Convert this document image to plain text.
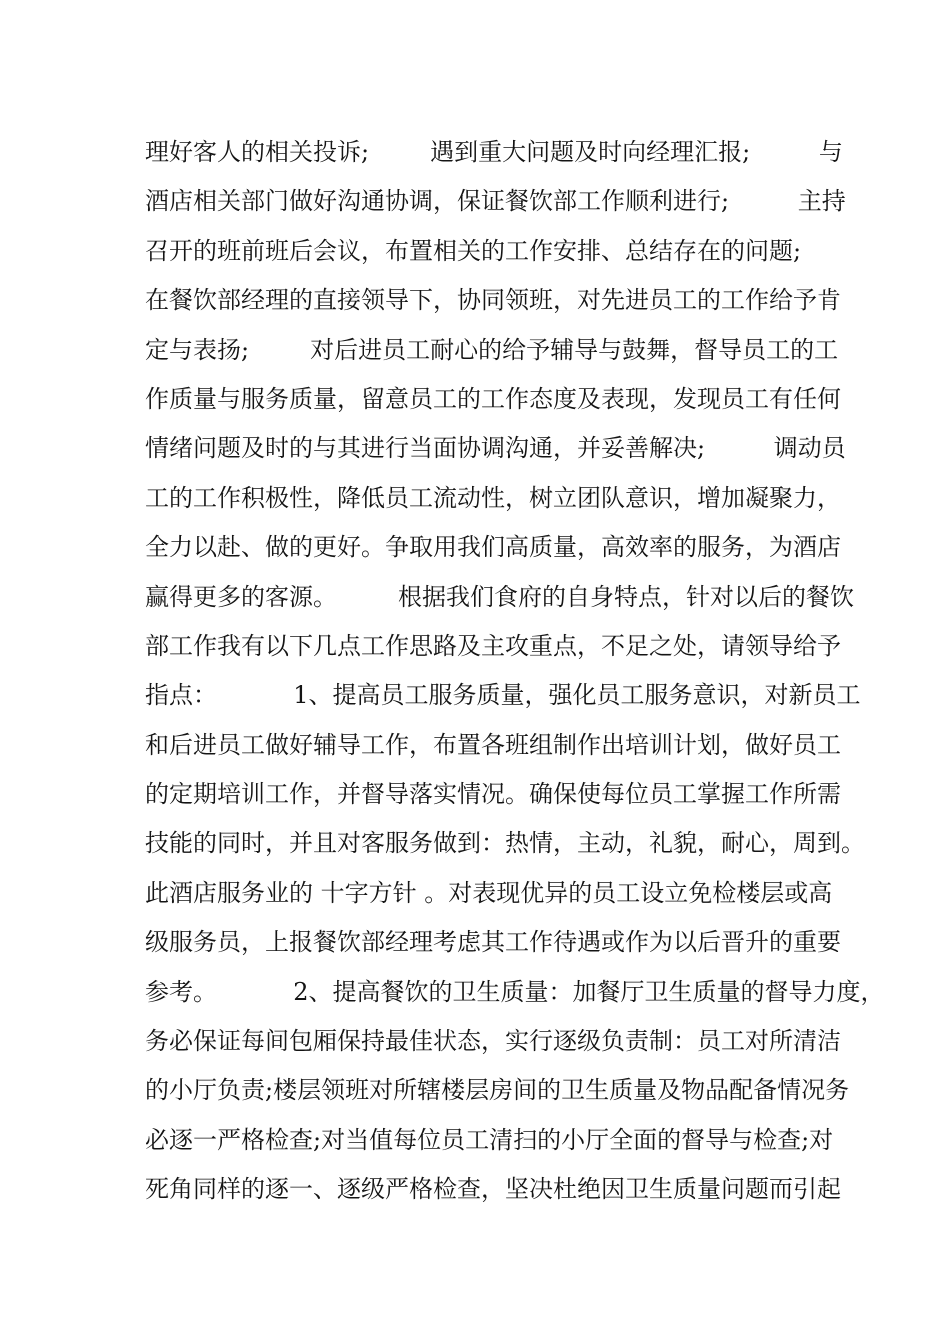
理好客人的相关投诉;        遇到重大问题及时向经理汇报;         与
酒店相关部门做好沟通协调，保证餐饮部工作顺利进行;         主持
召开的班前班后会议，布置相关的工作安排、总结存在的问题;
在餐饮部经理的直接领导下，协同领班，对先进员工的工作给予肯
定与表扬;        对后进员工耐心的给予辅导与鼓舞，督导员工的工
作质量与服务质量，留意员工的工作态度及表现，发现员工有任何
情绪问题及时的与其进行当面协调沟通，并妥善解决;         调动员
工的工作积极性，降低员工流动性，树立团队意识，增加凝聚力，
全力以赴、做的更好。争取用我们高质量，高效率的服务，为酒店
赢得更多的客源。        根据我们食府的自身特点，针对以后的餐饮
部工作我有以下几点工作思路及主攻重点，不足之处，请领导给予
指点：          1、提高员工服务质量，强化员工服务意识，对新员工
和后进员工做好辅导工作，布置各班组制作出培训计划，做好员工
的定期培训工作，并督导落实情况。确保使每位员工掌握工作所需
技能的同时，并且对客服务做到：热情，主动，礼貌，耐心，周到。
此酒店服务业的 十字方针 。对表现优异的员工设立免检楼层或高
级服务员，上报餐饮部经理考虑其工作待遇或作为以后晋升的重要
参考。          2、提高餐饮的卫生质量：加餐厅卫生质量的督导力度，
务必保证每间包厢保持最佳状态，实行逐级负责制：员工对所清洁
的小厅负责;楼层领班对所辖楼层房间的卫生质量及物品配备情况务
必逐一严格检查;对当值每位员工清扫的小厅全面的督导与检查;对
死角同样的逐一、逐级严格检查，坚决杜绝因卫生质量问题而引起
